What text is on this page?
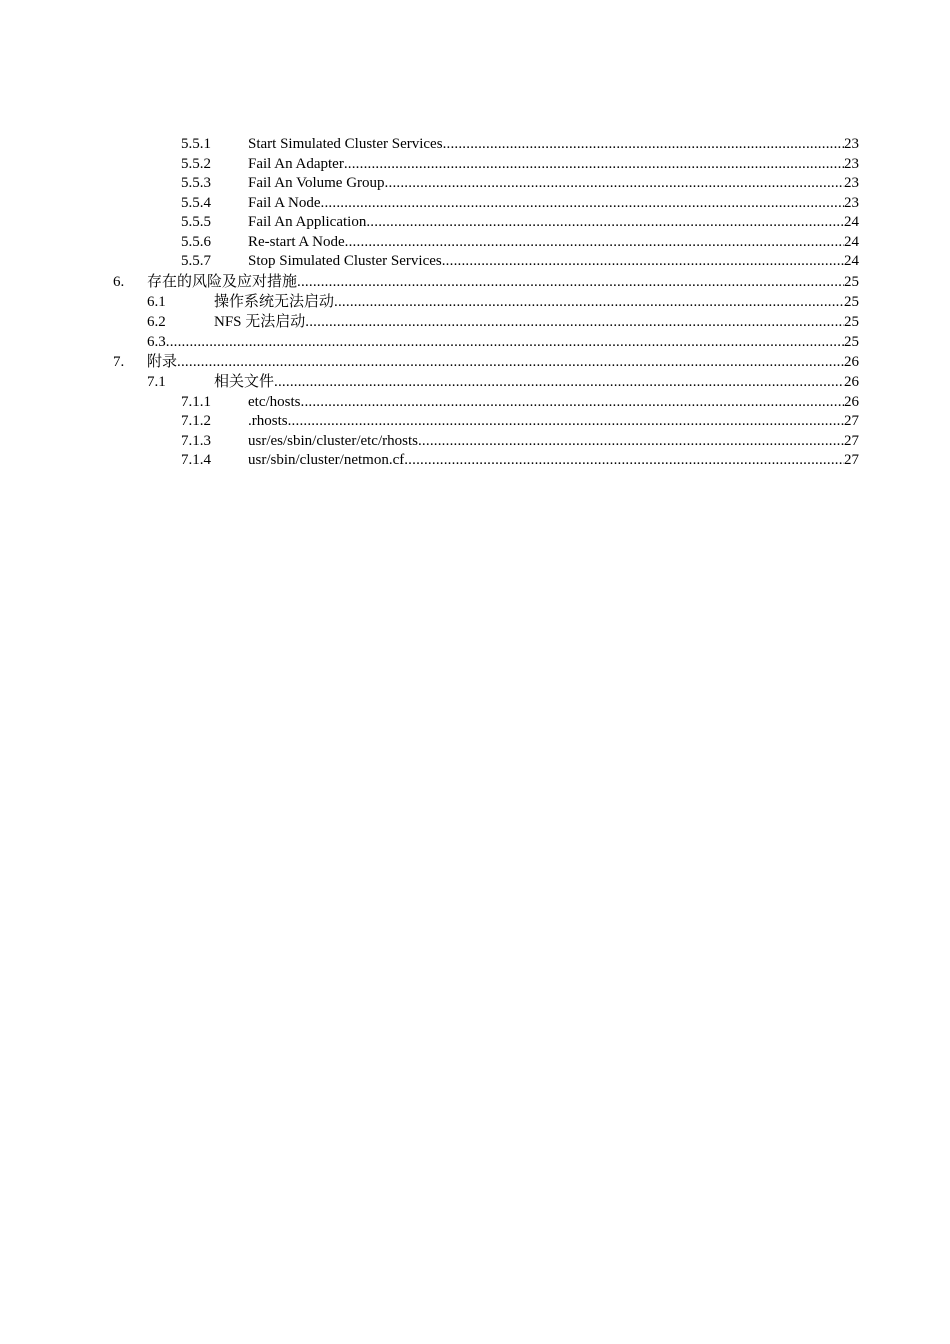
5.5.1 Start Simulated Cluster Services .....	23
5.5.2 Fail An Adapter .....	23
5.5.3 Fail An Volume Group .....	23
5.5.4 Fail A Node .....	23
5.5.5 Fail An Application .....	24
5.5.6 Re-start A Node .....	24
5.5.7 Stop Simulated Cluster Services .....	24
6. 存在的风险及应对措施 .....	25
6.1	操作系统无法启动 .....	25
6.2	NFS 无法启动 .....	25
6.3 .....	25
7. 附录 .....	26
7.1	相关文件 .....	26
7.1.1 etc/hosts .....	26
7.1.2 .rhosts .....	27
7.1.3 usr/es/sbin/cluster/etc/rhosts .....	27
7.1.4 usr/sbin/cluster/netmon.cf .....	27
